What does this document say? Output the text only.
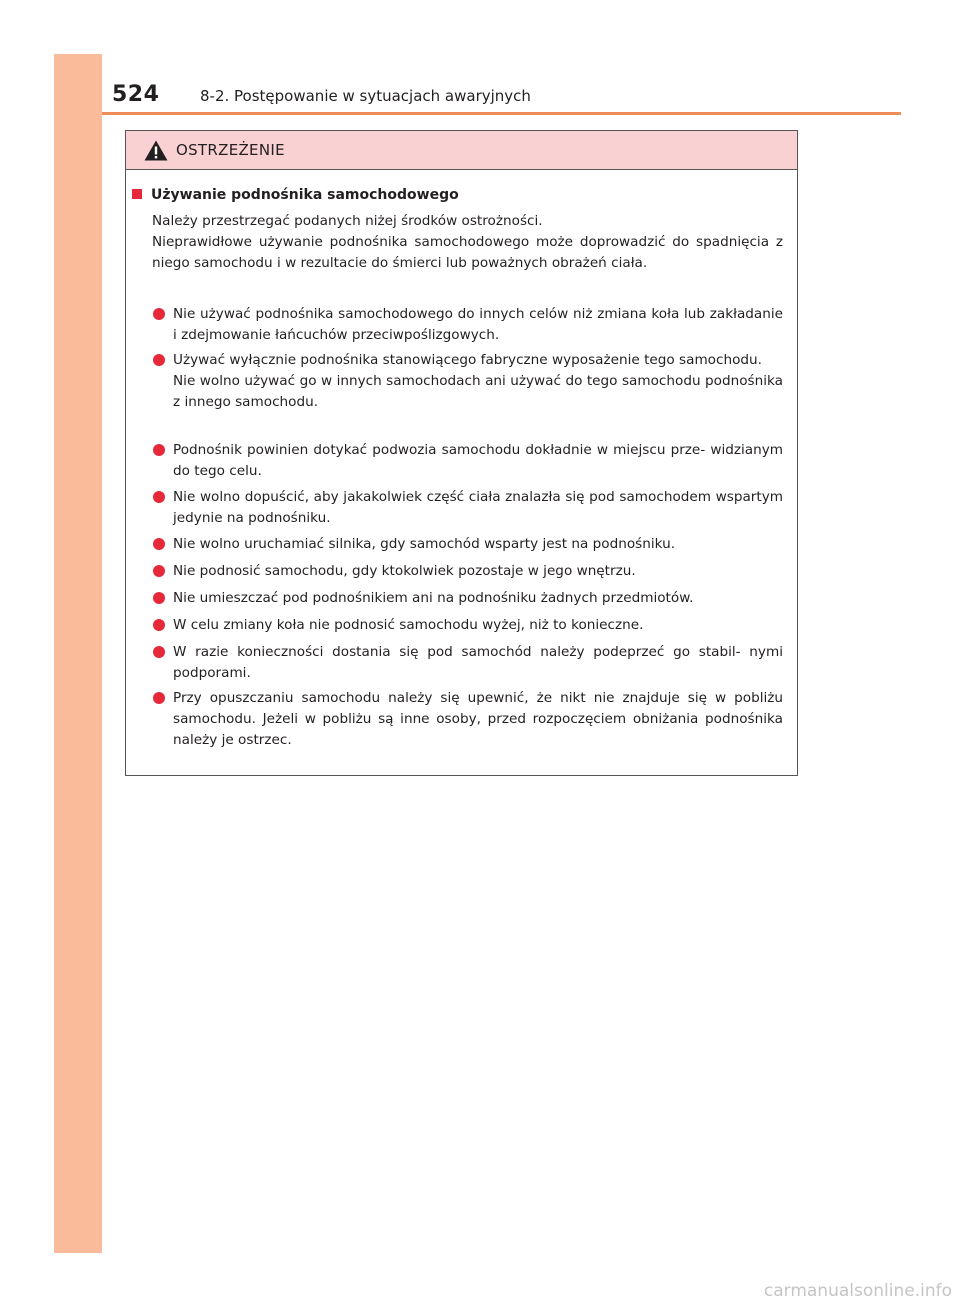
524	8-2. Postępowanie w sytuacjach awaryjnych
OSTRZEŻENIE
Używanie podnośnika samochodowego
Należy przestrzegać podanych niżej środków ostrożności.
Nieprawidłowe używanie podnośnika samochodowego może doprowadzić do spadnięcia z niego samochodu i w rezultacie do śmierci lub poważnych obrażeń ciała.
Nie używać podnośnika samochodowego do innych celów niż zmiana koła lub zakładanie i zdejmowanie łańcuchów przeciwpoślizgowych.
Używać wyłącznie podnośnika stanowiącego fabryczne wyposażenie tego samochodu.
Nie wolno używać go w innych samochodach ani używać do tego samochodu podnośnika z innego samochodu.
Podnośnik powinien dotykać podwozia samochodu dokładnie w miejscu prze- widzianym do tego celu.
Nie wolno dopuścić, aby jakakolwiek część ciała znalazła się pod samochodem wspartym jedynie na podnośniku.
Nie wolno uruchamiać silnika, gdy samochód wsparty jest na podnośniku.
Nie podnosić samochodu, gdy ktokolwiek pozostaje w jego wnętrzu.
Nie umieszczać pod podnośnikiem ani na podnośniku żadnych przedmiotów.
W celu zmiany koła nie podnosić samochodu wyżej, niż to konieczne.
W razie konieczności dostania się pod samochód należy podeprzeć go stabil- nymi podporami.
Przy opuszczaniu samochodu należy się upewnić, że nikt nie znajduje się w pobliżu samochodu. Jeżeli w pobliżu są inne osoby, przed rozpoczęciem obniżania podnośnika należy je ostrzec.
carmanualsonline.info
